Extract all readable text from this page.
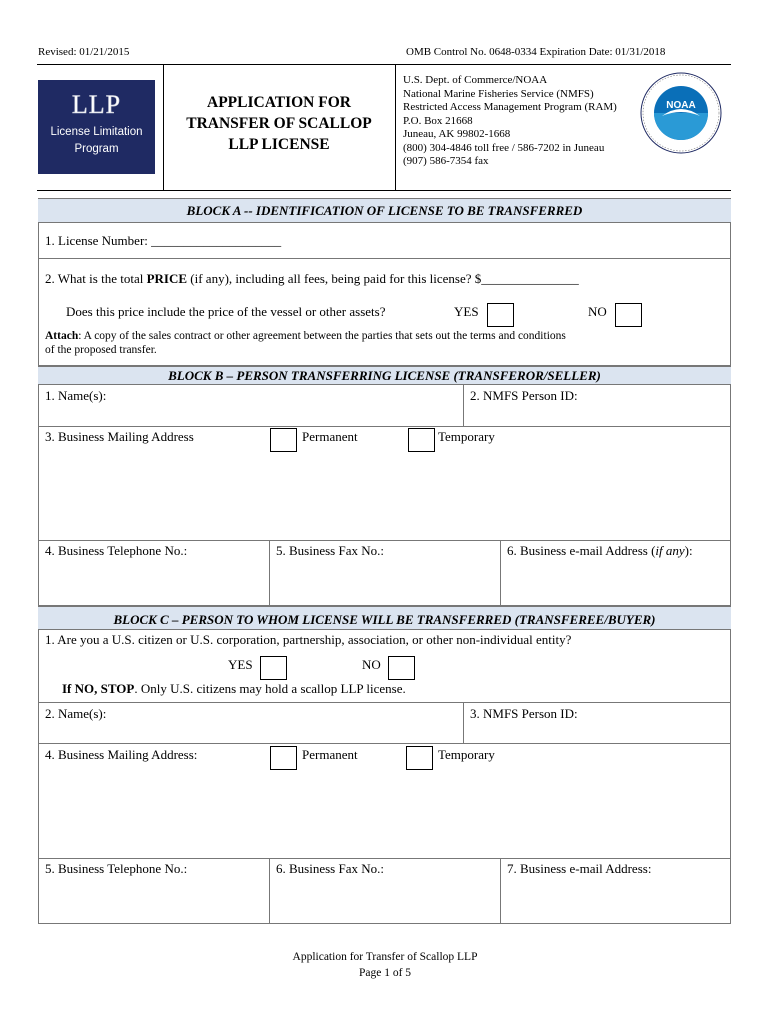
Revised: 01/21/2015	OMB Control No. 0648-0334 Expiration Date: 01/31/2018
LLP
License Limitation
Program
APPLICATION FOR
TRANSFER OF SCALLOP
LLP LICENSE
U.S. Dept. of Commerce/NOAA
National Marine Fisheries Service (NMFS)
Restricted Access Management Program (RAM)
P.O. Box 21668
Juneau, AK 99802-1668
(800) 304-4846 toll free / 586-7202 in Juneau
(907) 586-7354 fax
NOAA
BLOCK A -- IDENTIFICATION OF LICENSE TO BE TRANSFERRED
1. License Number: ____________________
2. What is the total PRICE (if any), including all fees, being paid for this license? $_______________
Does this price include the price of the vessel or other assets?	YES	NO
Attach: A copy of the sales contract or other agreement between the parties that sets out the terms and conditions
of the proposed transfer.
BLOCK B – PERSON TRANSFERRING LICENSE (TRANSFEROR/SELLER)
1. Name(s):	2. NMFS Person ID:
3. Business Mailing Address	Permanent	Temporary
4. Business Telephone No.:	5. Business Fax No.:	6. Business e-mail Address (if any):
BLOCK C – PERSON TO WHOM LICENSE WILL BE TRANSFERRED (TRANSFEREE/BUYER)
1. Are you a U.S. citizen or U.S. corporation, partnership, association, or other non-individual entity?
YES	NO
If NO, STOP. Only U.S. citizens may hold a scallop LLP license.
2. Name(s):	3. NMFS Person ID:
4. Business Mailing Address:	Permanent	Temporary
5. Business Telephone No.:	6. Business Fax No.:	7. Business e-mail Address:
Application for Transfer of Scallop LLP
Page 1 of 5
